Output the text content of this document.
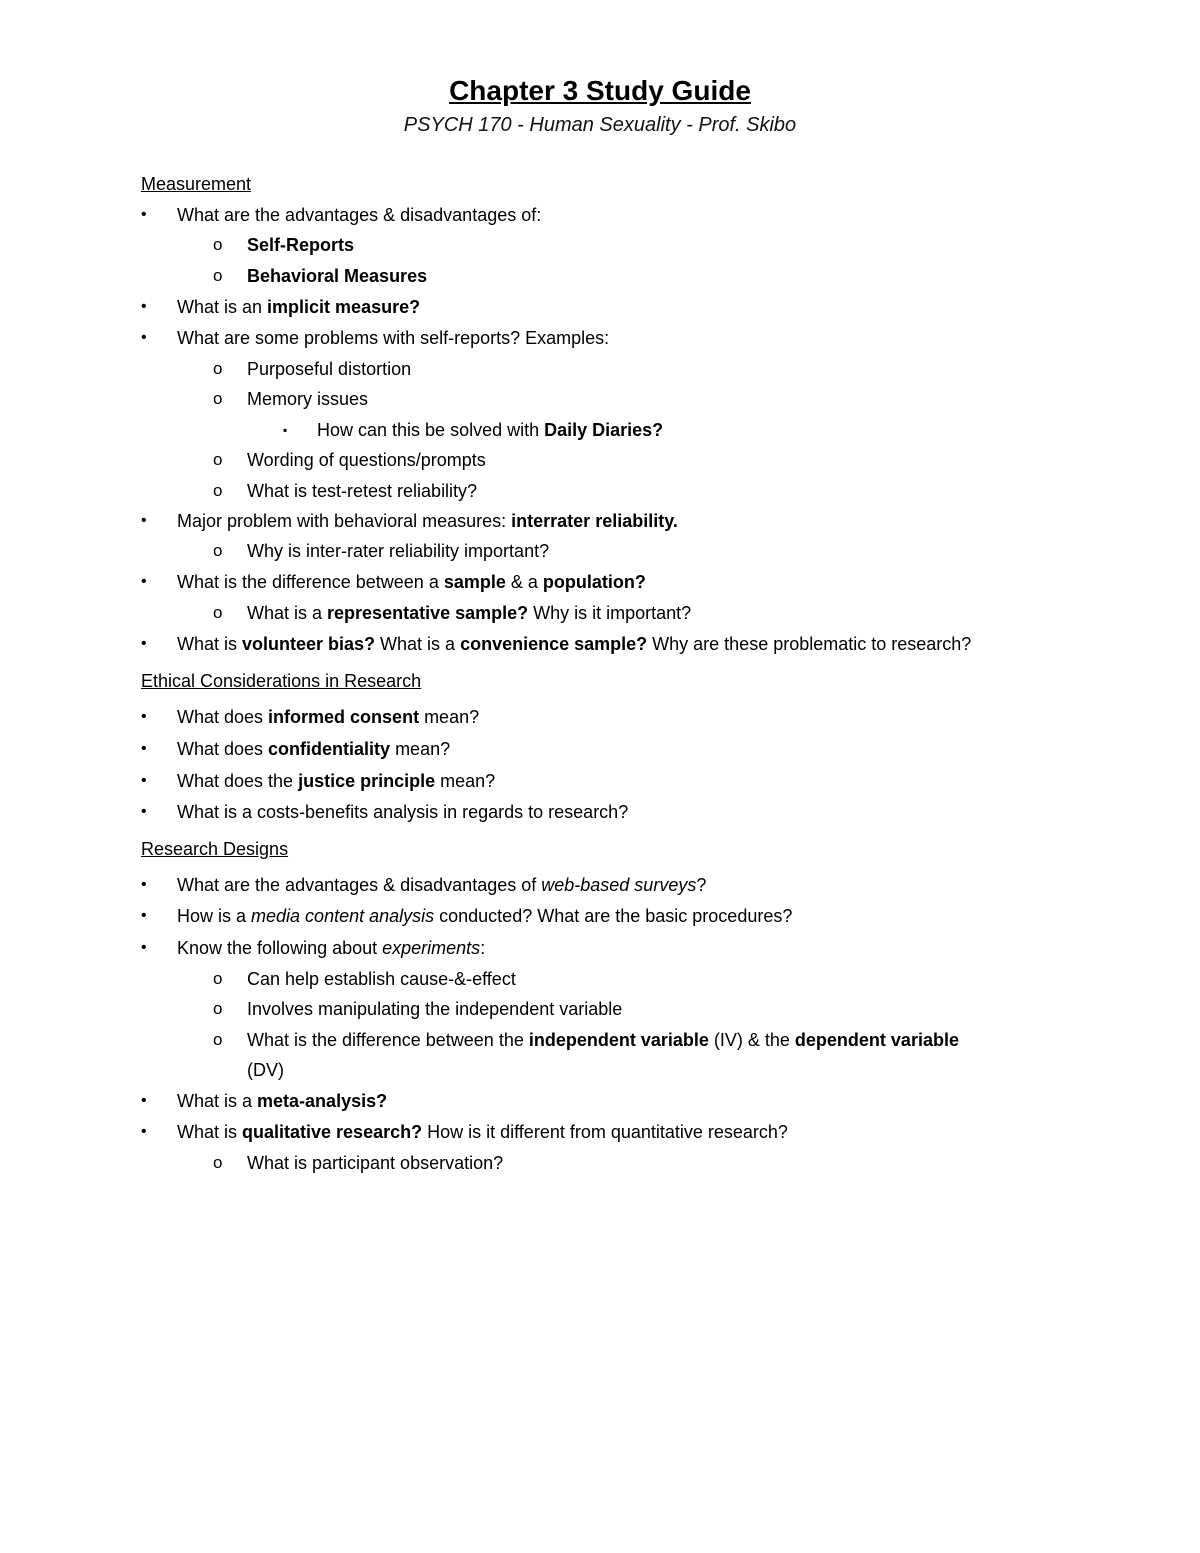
Chapter 3 Study Guide
PSYCH 170 - Human Sexuality - Prof. Skibo
Measurement
• What are the advantages & disadvantages of:
o Self-Reports
o Behavioral Measures
• What is an implicit measure?
• What are some problems with self-reports? Examples:
o Purposeful distortion
o Memory issues
▪ How can this be solved with Daily Diaries?
o Wording of questions/prompts
o What is test-retest reliability?
• Major problem with behavioral measures: interrater reliability.
o Why is inter-rater reliability important?
• What is the difference between a sample & a population?
o What is a representative sample? Why is it important?
• What is volunteer bias? What is a convenience sample? Why are these problematic to research?
Ethical Considerations in Research
• What does informed consent mean?
• What does confidentiality mean?
• What does the justice principle mean?
• What is a costs-benefits analysis in regards to research?
Research Designs
• What are the advantages & disadvantages of web-based surveys?
• How is a media content analysis conducted? What are the basic procedures?
• Know the following about experiments:
o Can help establish cause-&-effect
o Involves manipulating the independent variable
o What is the difference between the independent variable (IV) & the dependent variable
(DV)
• What is a meta-analysis?
• What is qualitative research? How is it different from quantitative research?
o What is participant observation?
